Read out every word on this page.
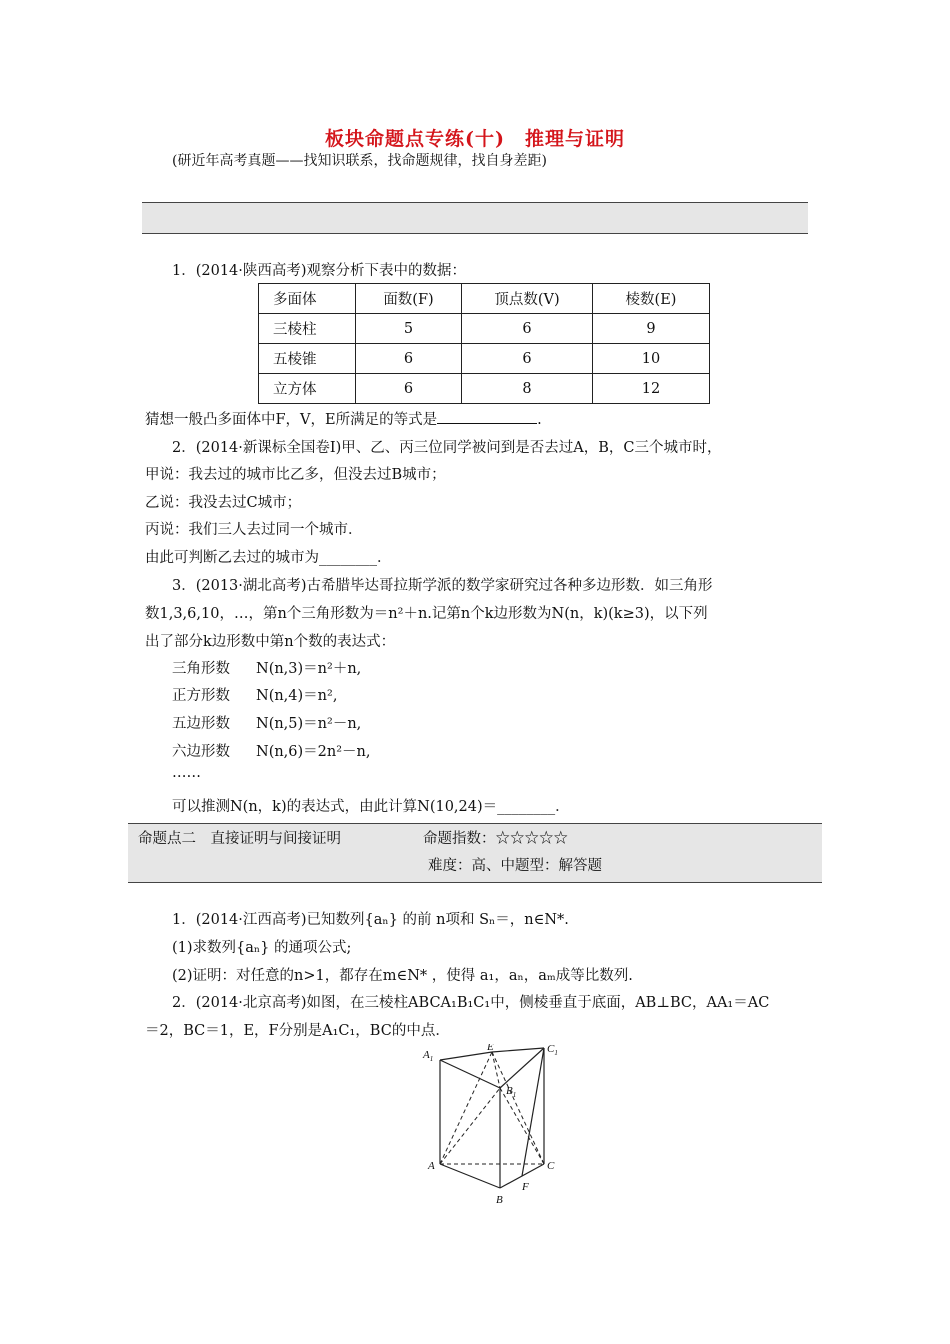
板块命题点专练(十)　推理与证明
(研近年高考真题——找知识联系，找命题规律，找自身差距)
1．(2014·陕西高考)观察分析下表中的数据：
多面体	面数(F)	顶点数(V)	棱数(E)
三棱柱	5	6	9
五棱锥	6	6	10
立方体	6	8	12
猜想一般凸多面体中F，V，E所满足的等式是	.
2．(2014·新课标全国卷Ⅰ)甲、乙、丙三位同学被问到是否去过A，B，C三个城市时，
甲说：我去过的城市比乙多，但没去过B城市；
乙说：我没去过C城市；
丙说：我们三人去过同一个城市．
由此可判断乙去过的城市为________．
3．(2013·湖北高考)古希腊毕达哥拉斯学派的数学家研究过各种多边形数．如三角形
数1,3,6,10，…，第n个三角形数为＝n²＋n.记第n个k边形数为N(n，k)(k≥3)，以下列
出了部分k边形数中第n个数的表达式：
三角形数 N(n,3)＝n²＋n,
正方形数 N(n,4)＝n²,
五边形数 N(n,5)＝n²－n,
六边形数 N(n,6)＝2n²－n,
……
可以推测N(n，k)的表达式，由此计算N(10,24)＝________．
命题点二　直接证明与间接证明	命题指数：☆☆☆☆☆
难度：高、中题型：解答题
1．(2014·江西高考)已知数列{aₙ} 的前 n项和 Sₙ＝，n∈N*.
(1)求数列{aₙ} 的通项公式;
(2)证明：对任意的n>1，都存在m∈N* ，使得 a₁，aₙ，aₘ成等比数列.
2．(2014·北京高考)如图，在三棱柱ABCA₁B₁C₁中，侧棱垂直于底面，AB⊥BC，AA₁＝AC
＝2，BC＝1，E，F分别是A₁C₁，BC的中点．
$A_1$
E	$C_1$
$B_1$
A	C
F
B
